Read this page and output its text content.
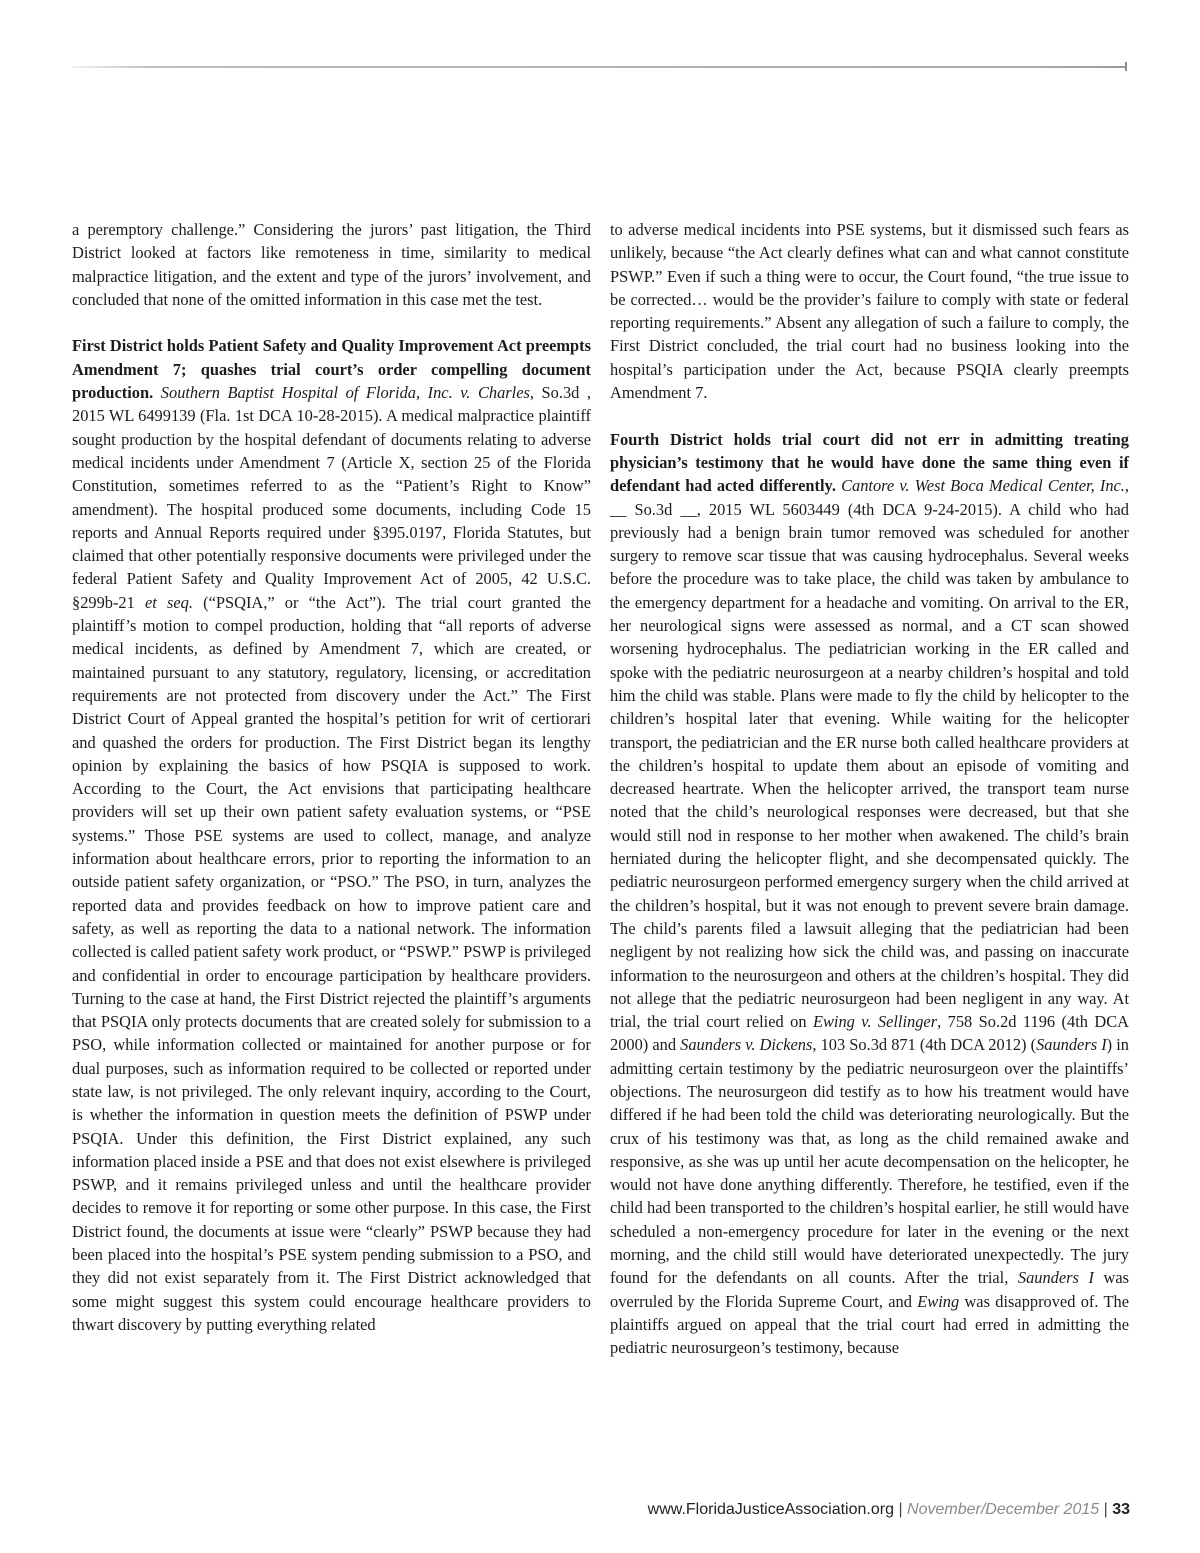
a peremptory challenge.” Considering the jurors’ past litigation, the Third District looked at factors like remoteness in time, similarity to medical malpractice litigation, and the extent and type of the jurors’ involvement, and concluded that none of the omitted information in this case met the test.

First District holds Patient Safety and Quality Improvement Act preempts Amendment 7; quashes trial court’s order compelling document production. Southern Baptist Hospital of Florida, Inc. v. Charles, So.3d , 2015 WL 6499139 (Fla. 1st DCA 10-28-2015). A medical malpractice plaintiff sought production by the hospital defendant of documents relating to adverse medical incidents under Amendment 7 (Article X, section 25 of the Florida Constitution, sometimes referred to as the “Patient’s Right to Know” amendment). The hospital produced some documents, including Code 15 reports and Annual Reports required under §395.0197, Florida Statutes, but claimed that other potentially responsive documents were privileged under the federal Patient Safety and Quality Improvement Act of 2005, 42 U.S.C. §299b-21 et seq. (“PSQIA,” or “the Act”). The trial court granted the plaintiff’s motion to compel production, holding that “all reports of adverse medical incidents, as defined by Amendment 7, which are created, or maintained pursuant to any statutory, regulatory, licensing, or accreditation requirements are not protected from discovery under the Act.” The First District Court of Appeal granted the hospital’s petition for writ of certiorari and quashed the orders for production. The First District began its lengthy opinion by explaining the basics of how PSQIA is supposed to work. According to the Court, the Act envisions that participating healthcare providers will set up their own patient safety evaluation systems, or “PSE systems.” Those PSE systems are used to collect, manage, and analyze information about healthcare errors, prior to reporting the information to an outside patient safety organization, or “PSO.” The PSO, in turn, analyzes the reported data and provides feedback on how to improve patient care and safety, as well as reporting the data to a national network. The information collected is called patient safety work product, or “PSWP.” PSWP is privileged and confidential in order to encourage participation by healthcare providers. Turning to the case at hand, the First District rejected the plaintiff’s arguments that PSQIA only protects documents that are created solely for submission to a PSO, while information collected or maintained for another purpose or for dual purposes, such as information required to be collected or reported under state law, is not privileged. The only relevant inquiry, according to the Court, is whether the information in question meets the definition of PSWP under PSQIA. Under this definition, the First District explained, any such information placed inside a PSE and that does not exist elsewhere is privileged PSWP, and it remains privileged unless and until the healthcare provider decides to remove it for reporting or some other purpose. In this case, the First District found, the documents at issue were “clearly” PSWP because they had been placed into the hospital’s PSE system pending submission to a PSO, and they did not exist separately from it. The First District acknowledged that some might suggest this system could encourage healthcare providers to thwart discovery by putting everything related

to adverse medical incidents into PSE systems, but it dismissed such fears as unlikely, because “the Act clearly defines what can and what cannot constitute PSWP.” Even if such a thing were to occur, the Court found, “the true issue to be corrected… would be the provider’s failure to comply with state or federal reporting requirements.” Absent any allegation of such a failure to comply, the First District concluded, the trial court had no business looking into the hospital’s participation under the Act, because PSQIA clearly preempts Amendment 7.

Fourth District holds trial court did not err in admitting treating physician’s testimony that he would have done the same thing even if defendant had acted differently. Cantore v. West Boca Medical Center, Inc., __ So.3d __, 2015 WL 5603449 (4th DCA 9-24-2015). A child who had previously had a benign brain tumor removed was scheduled for another surgery to remove scar tissue that was causing hydrocephalus. Several weeks before the procedure was to take place, the child was taken by ambulance to the emergency department for a headache and vomiting. On arrival to the ER, her neurological signs were assessed as normal, and a CT scan showed worsening hydrocephalus. The pediatrician working in the ER called and spoke with the pediatric neurosurgeon at a nearby children’s hospital and told him the child was stable. Plans were made to fly the child by helicopter to the children’s hospital later that evening. While waiting for the helicopter transport, the pediatrician and the ER nurse both called healthcare providers at the children’s hospital to update them about an episode of vomiting and decreased heartrate. When the helicopter arrived, the transport team nurse noted that the child’s neurological responses were decreased, but that she would still nod in response to her mother when awakened. The child’s brain herniated during the helicopter flight, and she decompensated quickly. The pediatric neurosurgeon performed emergency surgery when the child arrived at the children’s hospital, but it was not enough to prevent severe brain damage. The child’s parents filed a lawsuit alleging that the pediatrician had been negligent by not realizing how sick the child was, and passing on inaccurate information to the neurosurgeon and others at the children’s hospital. They did not allege that the pediatric neurosurgeon had been negligent in any way. At trial, the trial court relied on Ewing v. Sellinger, 758 So.2d 1196 (4th DCA 2000) and Saunders v. Dickens, 103 So.3d 871 (4th DCA 2012) (Saunders I) in admitting certain testimony by the pediatric neurosurgeon over the plaintiffs’ objections. The neurosurgeon did testify as to how his treatment would have differed if he had been told the child was deteriorating neurologically. But the crux of his testimony was that, as long as the child remained awake and responsive, as she was up until her acute decompensation on the helicopter, he would not have done anything differently. Therefore, he testified, even if the child had been transported to the children’s hospital earlier, he still would have scheduled a non-emergency procedure for later in the evening or the next morning, and the child still would have deteriorated unexpectedly. The jury found for the defendants on all counts. After the trial, Saunders I was overruled by the Florida Supreme Court, and Ewing was disapproved of. The plaintiffs argued on appeal that the trial court had erred in admitting the pediatric neurosurgeon’s testimony, because

www.FloridaJusticeAssociation.org | November/December 2015 | 33
